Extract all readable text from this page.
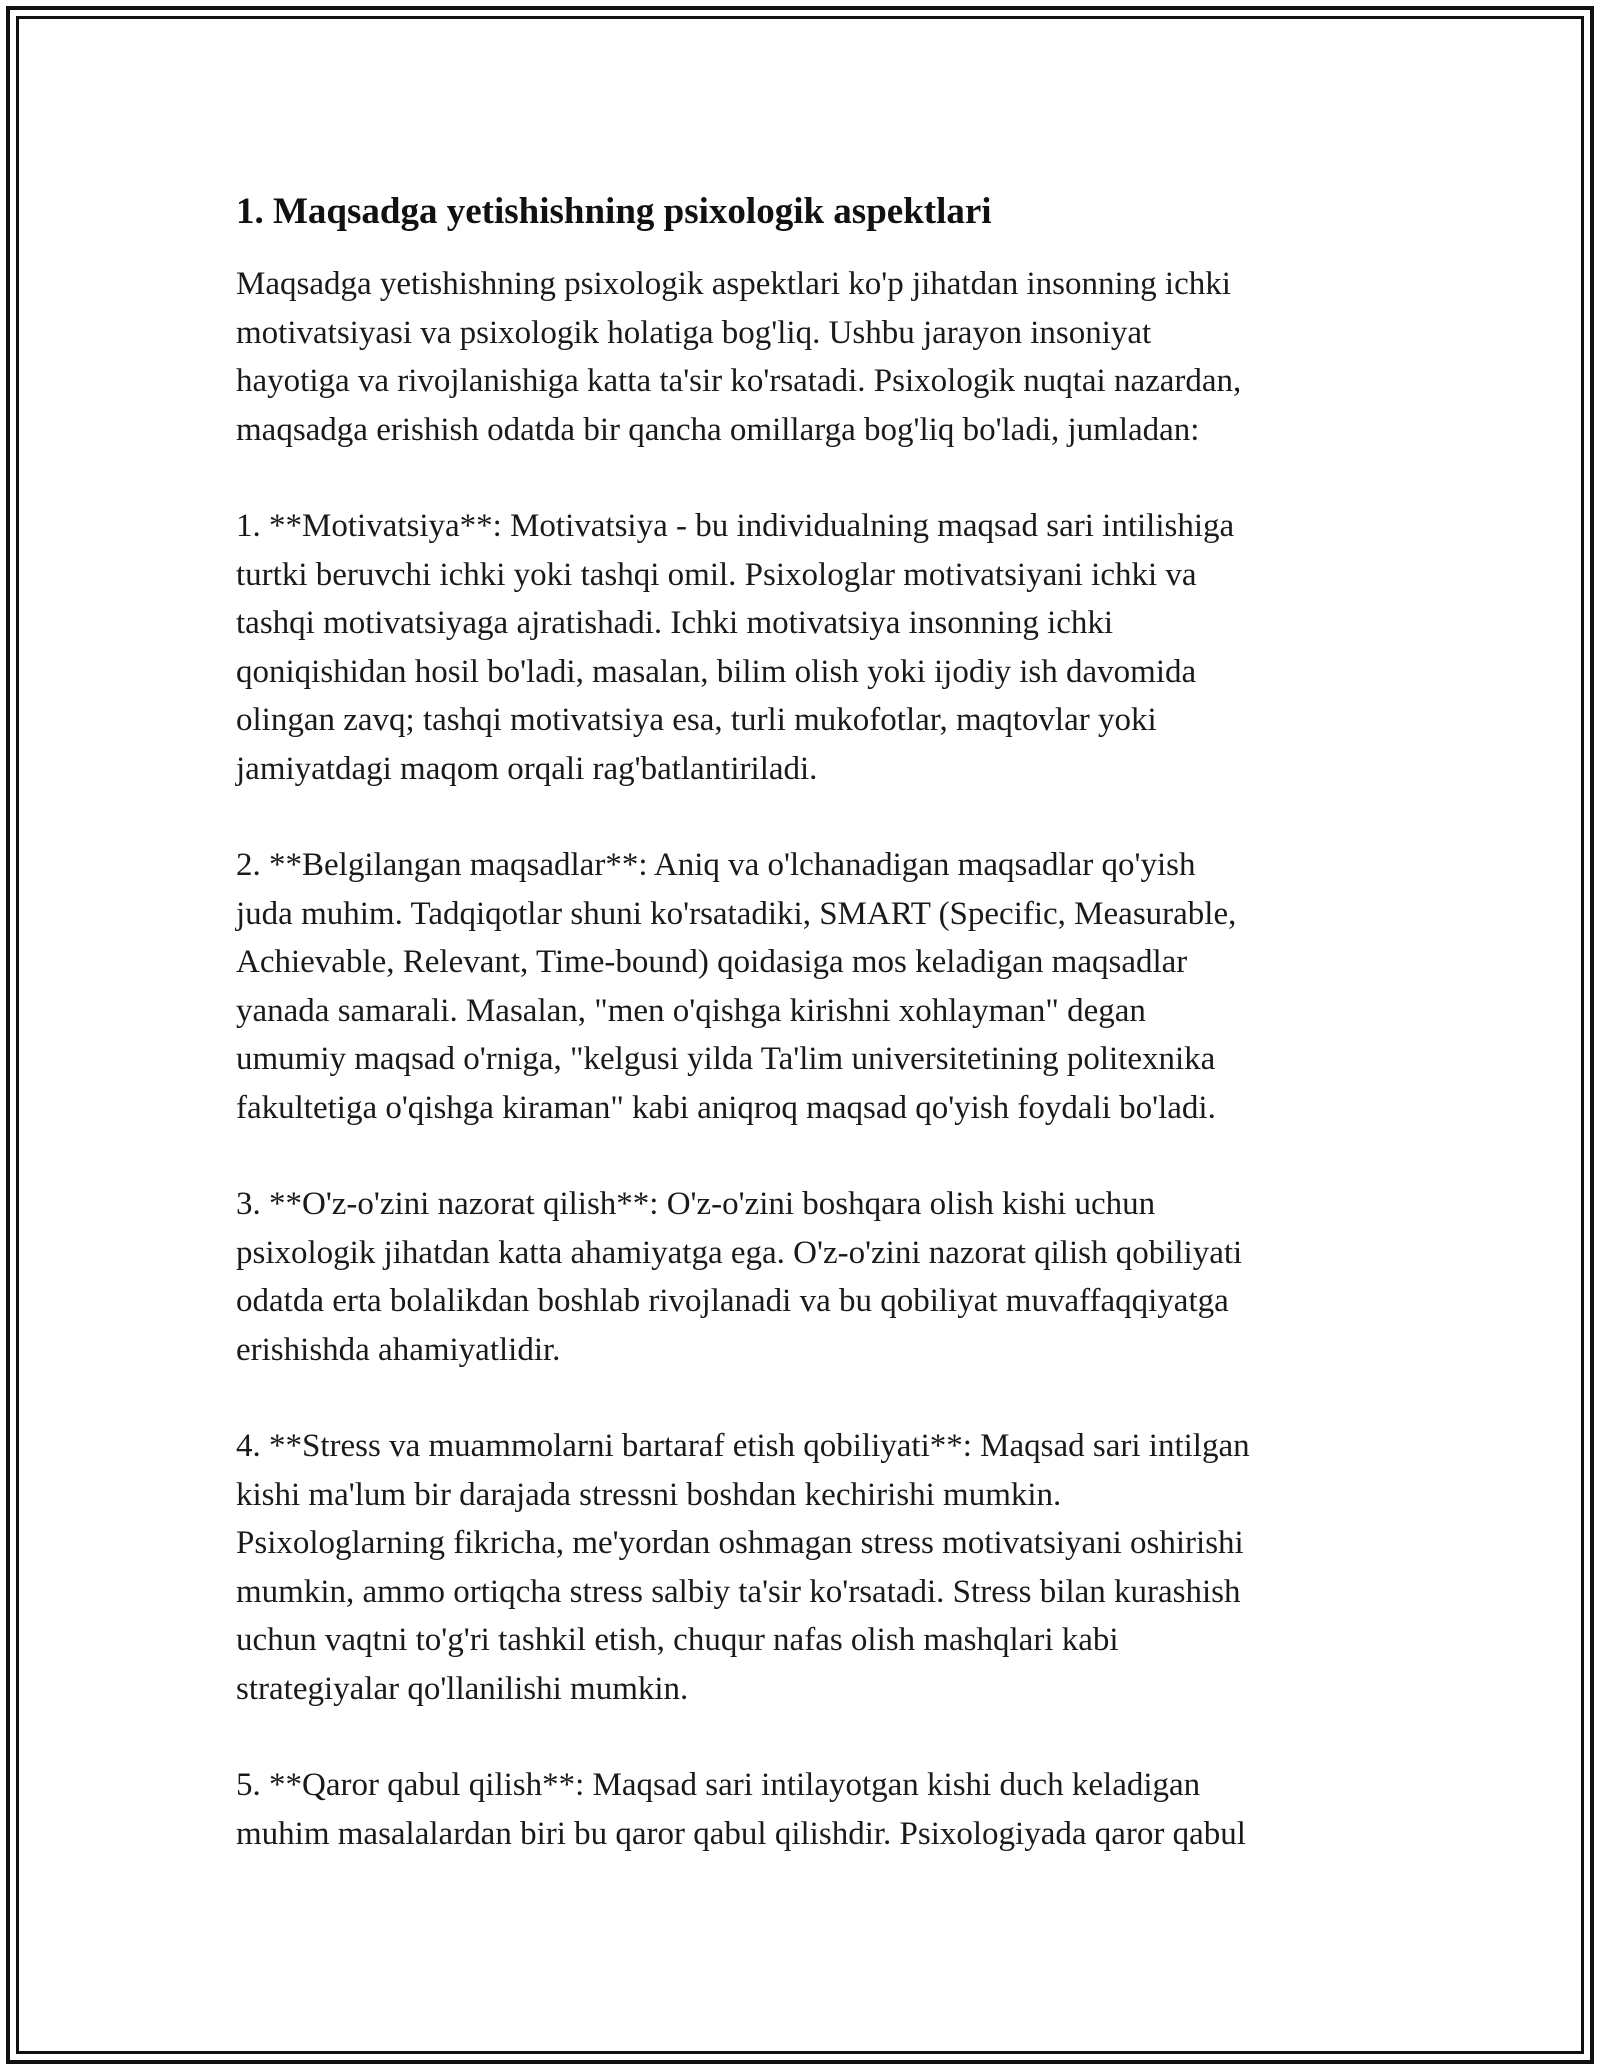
1. Maqsadga yetishishning psixologik aspektlari

Maqsadga yetishishning psixologik aspektlari ko'p jihatdan insonning ichki
motivatsiyasi va psixologik holatiga bog'liq. Ushbu jarayon insoniyat
hayotiga va rivojlanishiga katta ta'sir ko'rsatadi. Psixologik nuqtai nazardan,
maqsadga erishish odatda bir qancha omillarga bog'liq bo'ladi, jumladan:

1. **Motivatsiya**: Motivatsiya - bu individualning maqsad sari intilishiga
turtki beruvchi ichki yoki tashqi omil. Psixologlar motivatsiyani ichki va
tashqi motivatsiyaga ajratishadi. Ichki motivatsiya insonning ichki
qoniqishidan hosil bo'ladi, masalan, bilim olish yoki ijodiy ish davomida
olingan zavq; tashqi motivatsiya esa, turli mukofotlar, maqtovlar yoki
jamiyatdagi maqom orqali rag'batlantiriladi.

2. **Belgilangan maqsadlar**: Aniq va o'lchanadigan maqsadlar qo'yish
juda muhim. Tadqiqotlar shuni ko'rsatadiki, SMART (Specific, Measurable,
Achievable, Relevant, Time-bound) qoidasiga mos keladigan maqsadlar
yanada samarali. Masalan, "men o'qishga kirishni xohlayman" degan
umumiy maqsad o'rniga, "kelgusi yilda Ta'lim universitetining politexnika
fakultetiga o'qishga kiraman" kabi aniqroq maqsad qo'yish foydali bo'ladi.

3. **O'z-o'zini nazorat qilish**: O'z-o'zini boshqara olish kishi uchun
psixologik jihatdan katta ahamiyatga ega. O'z-o'zini nazorat qilish qobiliyati
odatda erta bolalikdan boshlab rivojlanadi va bu qobiliyat muvaffaqqiyatga
erishishda ahamiyatlidir.

4. **Stress va muammolarni bartaraf etish qobiliyati**: Maqsad sari intilgan
kishi ma'lum bir darajada stressni boshdan kechirishi mumkin.
Psixologlarning fikricha, me'yordan oshmagan stress motivatsiyani oshirishi
mumkin, ammo ortiqcha stress salbiy ta'sir ko'rsatadi. Stress bilan kurashish
uchun vaqtni to'g'ri tashkil etish, chuqur nafas olish mashqlari kabi
strategiyalar qo'llanilishi mumkin.

5. **Qaror qabul qilish**: Maqsad sari intilayotgan kishi duch keladigan
muhim masalalardan biri bu qaror qabul qilishdir. Psixologiyada qaror qabul
